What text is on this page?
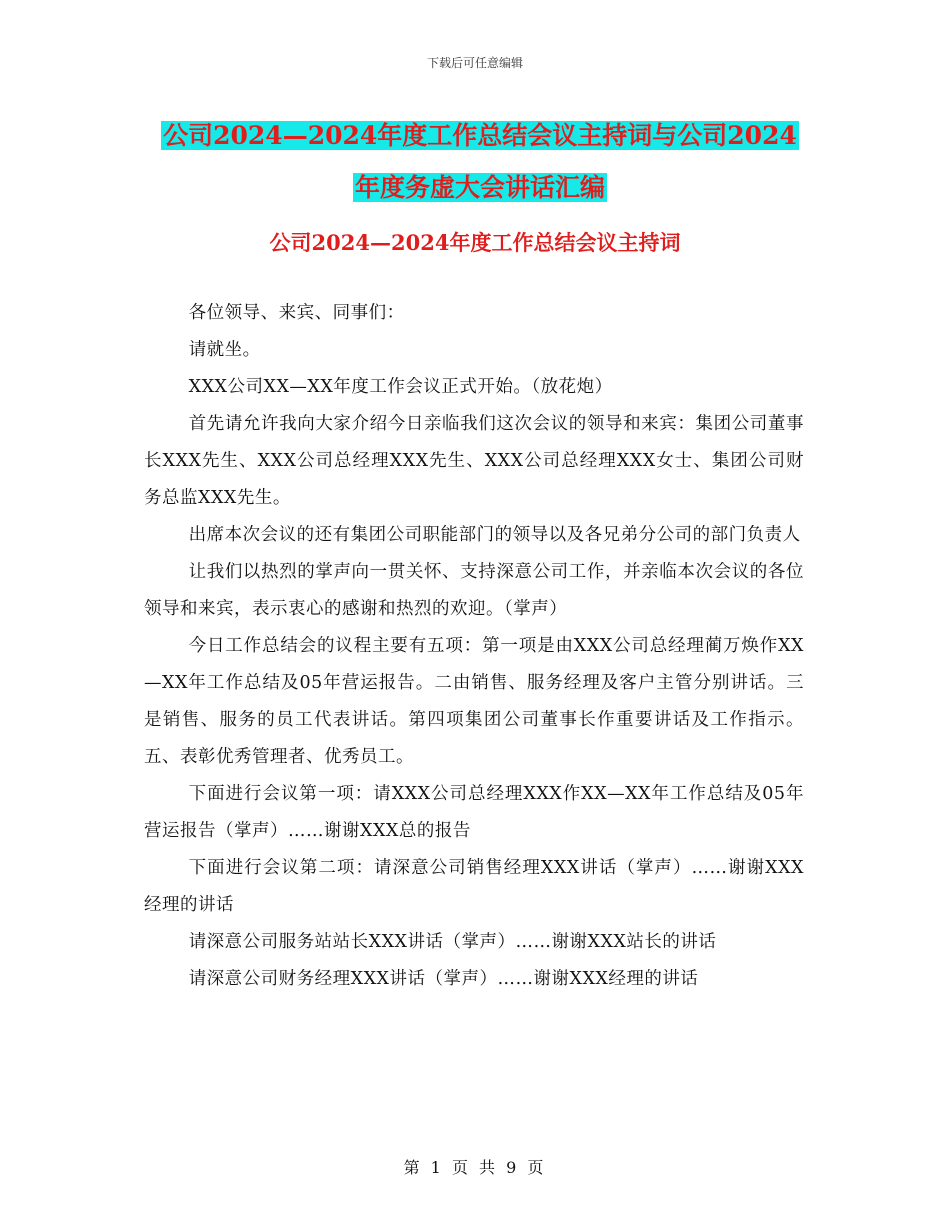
下载后可任意编辑
公司2024—2024年度工作总结会议主持词与公司2024
年度务虚大会讲话汇编
公司2024—2024年度工作总结会议主持词

各位领导、来宾、同事们：

请就坐。

XXX公司XX—XX年度工作会议正式开始。（放花炮）

首先请允许我向大家介绍今日亲临我们这次会议的领导和来宾：集团公司董事长XXX先生、XXX公司总经理XXX先生、XXX公司总经理XXX女士、集团公司财务总监XXX先生。

出席本次会议的还有集团公司职能部门的领导以及各兄弟分公司的部门负责人

让我们以热烈的掌声向一贯关怀、支持深意公司工作，并亲临本次会议的各位领导和来宾，表示衷心的感谢和热烈的欢迎。（掌声）

今日工作总结会的议程主要有五项：第一项是由XXX公司总经理蔺万焕作XX—XX年工作总结及05年营运报告。二由销售、服务经理及客户主管分别讲话。三是销售、服务的员工代表讲话。第四项集团公司董事长作重要讲话及工作指示。五、表彰优秀管理者、优秀员工。

下面进行会议第一项：请XXX公司总经理XXX作XX—XX年工作总结及05年营运报告（掌声）……谢谢XXX总的报告

下面进行会议第二项：请深意公司销售经理XXX讲话（掌声）……谢谢XXX经理的讲话

请深意公司服务站站长XXX讲话（掌声）……谢谢XXX站长的讲话

请深意公司财务经理XXX讲话（掌声）……谢谢XXX经理的讲话

第 1 页 共 9 页
